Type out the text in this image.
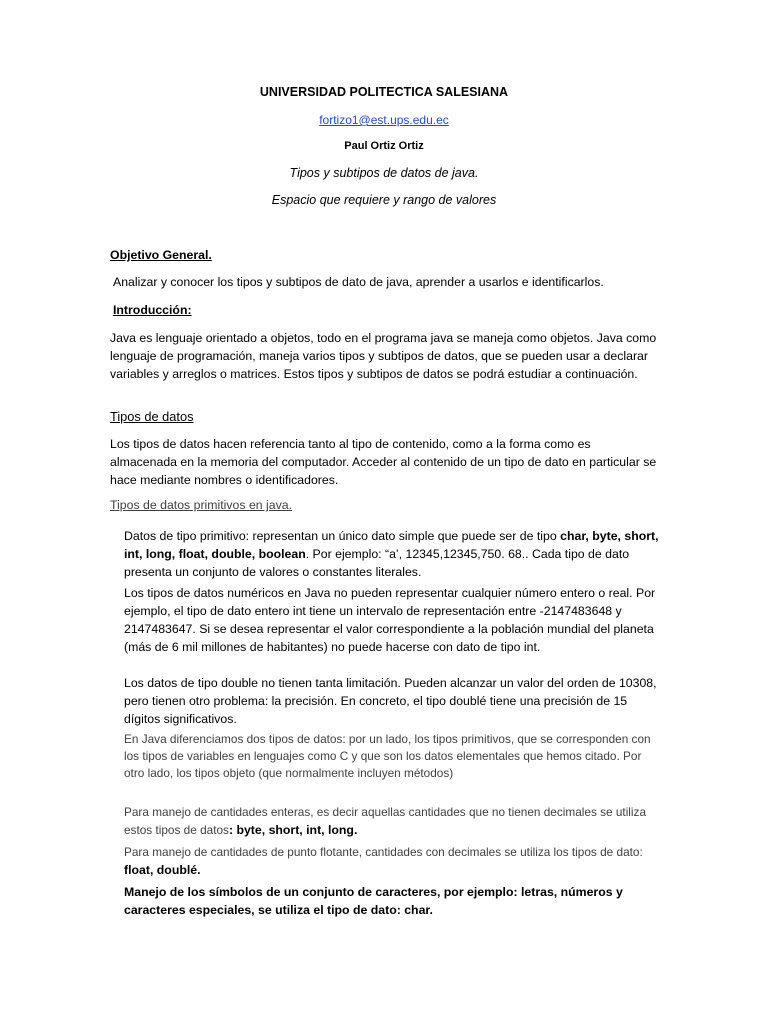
UNIVERSIDAD POLITECTICA SALESIANA
fortizo1@est.ups.edu.ec
Paul Ortiz Ortiz
Tipos y subtipos de datos de java.
Espacio que requiere y rango de valores
Objetivo General.
Analizar y conocer los tipos y subtipos de dato de java, aprender a usarlos e identificarlos.
Introducción:
Java es lenguaje orientado a objetos, todo en el programa java se maneja como objetos. Java como lenguaje de programación, maneja varios tipos y subtipos de datos, que se pueden usar a declarar variables y arreglos o matrices. Estos tipos y subtipos de datos se podrá estudiar a continuación.
Tipos de datos
Los tipos de datos hacen referencia tanto al tipo de contenido, como a la forma como es almacenada en la memoria del computador. Acceder al contenido de un tipo de dato en particular se hace mediante nombres o identificadores.
Tipos de datos primitivos en java.
Datos de tipo primitivo: representan un único dato simple que puede ser de tipo char, byte, short, int, long, float, double, boolean. Por ejemplo: “a’, 12345,12345,750. 68.. Cada tipo de dato presenta un conjunto de valores o constantes literales.
Los tipos de datos numéricos en Java no pueden representar cualquier número entero o real. Por ejemplo, el tipo de dato entero int tiene un intervalo de representación entre -2147483648 y 2147483647. Si se desea representar el valor correspondiente a la población mundial del planeta (más de 6 mil millones de habitantes) no puede hacerse con dato de tipo int.
Los datos de tipo double no tienen tanta limitación. Pueden alcanzar un valor del orden de 10308, pero tienen otro problema: la precisión. En concreto, el tipo doublé tiene una precisión de 15 dígitos significativos.
En Java diferenciamos dos tipos de datos: por un lado, los tipos primitivos, que se corresponden con los tipos de variables en lenguajes como C y que son los datos elementales que hemos citado. Por otro lado, los tipos objeto (que normalmente incluyen métodos)
Para manejo de cantidades enteras, es decir aquellas cantidades que no tienen decimales se utiliza estos tipos de datos: byte, short, int, long.
Para manejo de cantidades de punto flotante, cantidades con decimales se utiliza los tipos de dato: float, doublé.
Manejo de los símbolos de un conjunto de caracteres, por ejemplo: letras, números y caracteres especiales, se utiliza el tipo de dato: char.
